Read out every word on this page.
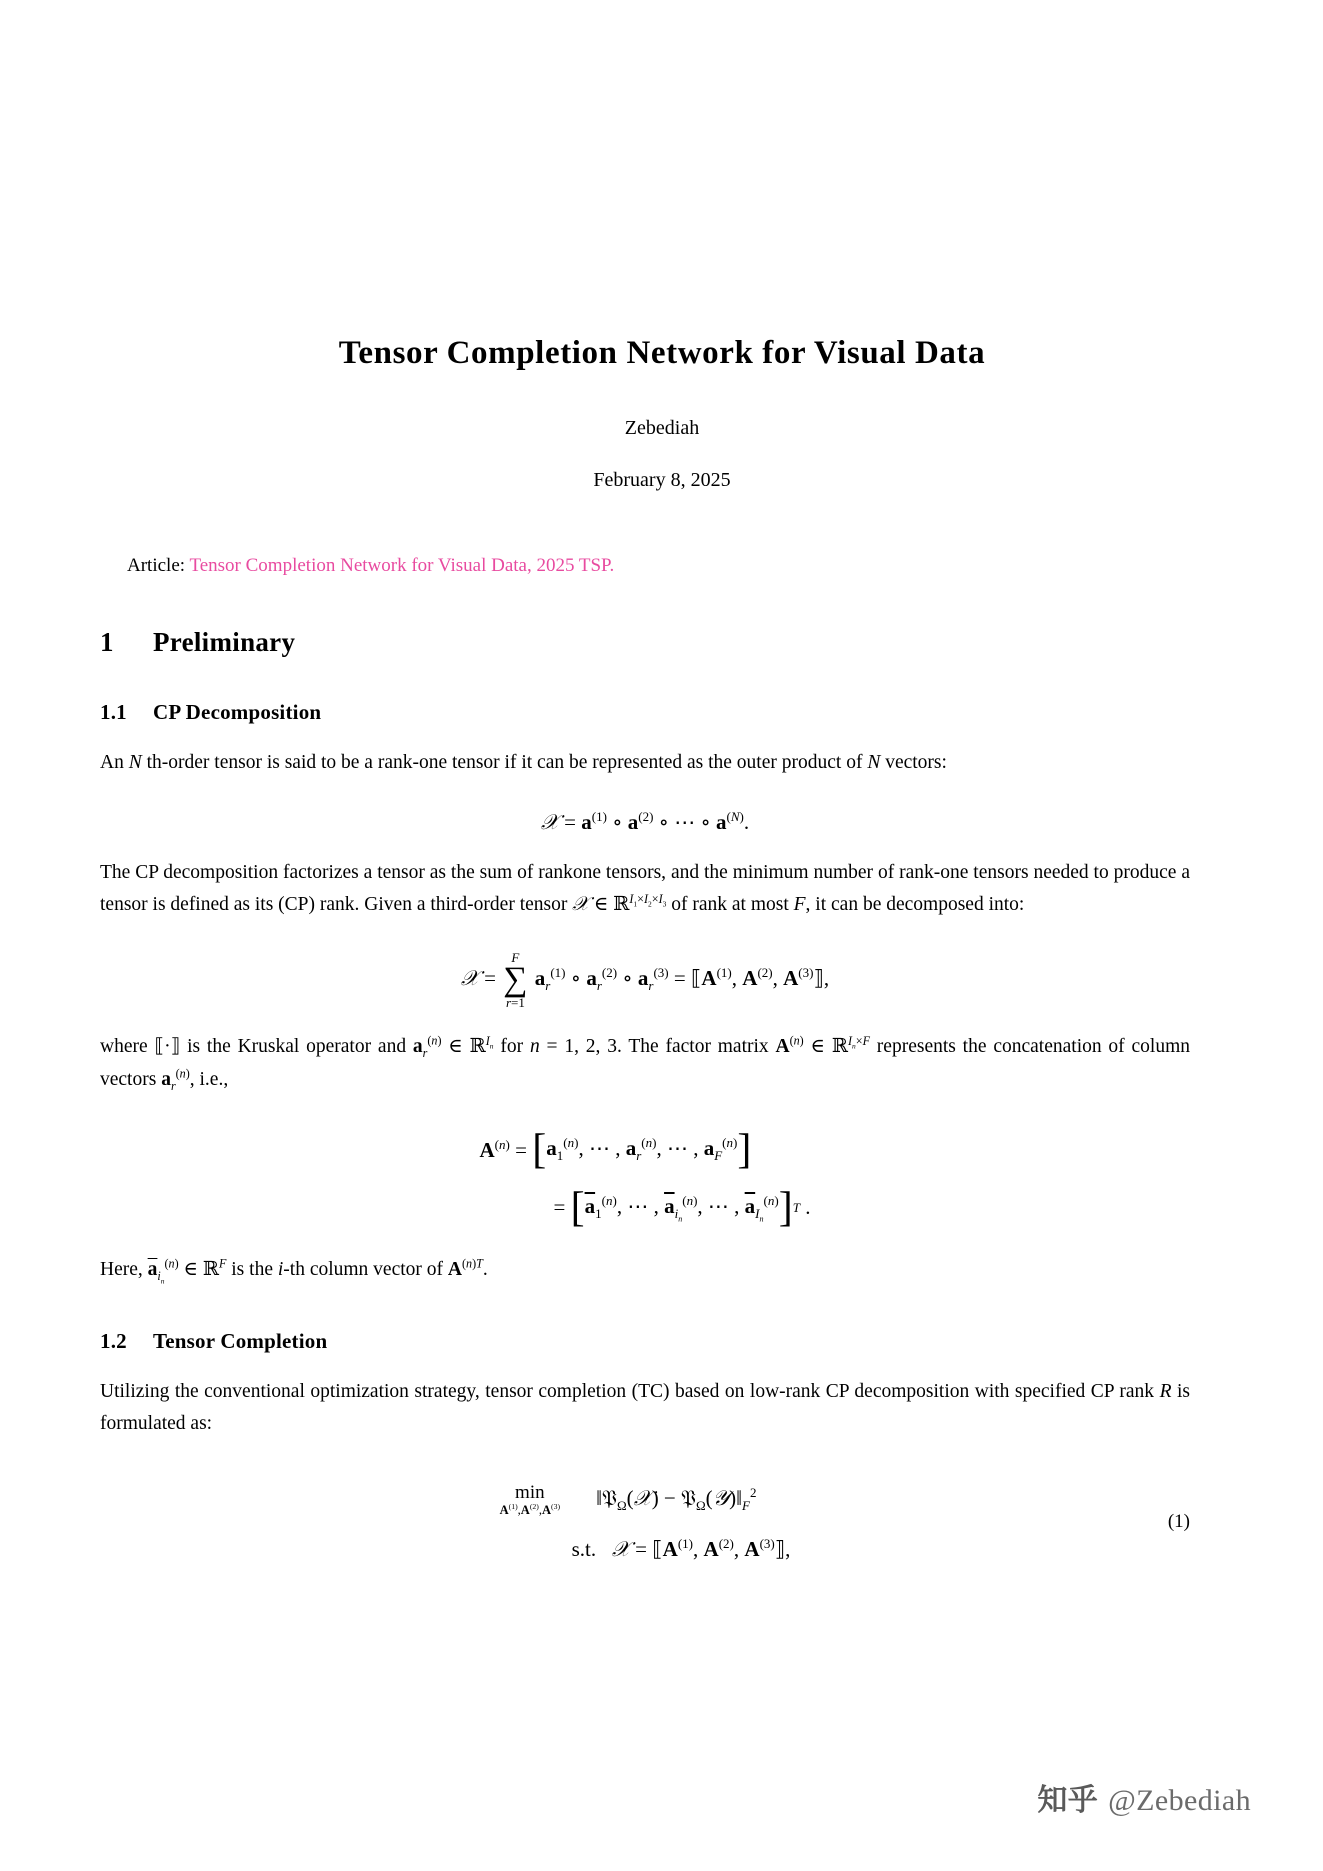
Tensor Completion Network for Visual Data
Zebediah
February 8, 2025
Article: Tensor Completion Network for Visual Data, 2025 TSP.
1 Preliminary
1.1 CP Decomposition

An N th-order tensor is said to be a rank-one tensor if it can be represented as the outer product of N vectors:

𝒳 = $a^{(1)}$ ∘ $a^{(2)}$ ∘ ⋯ ∘ $a^{(N)}$.

The CP decomposition factorizes a tensor as the sum of rankone tensors, and the minimum number of rank-one tensors needed to produce a tensor is defined as its (CP) rank. Given a third-order tensor 𝒳 ∈ ℝ$^{I_1\times I_2\times I_3}$ of rank at most F, it can be decomposed into:

𝒳 =
F
∑
r=1
$a_r^{(1)}$ ∘ $a_r^{(2)}$ ∘ $a_r^{(3)}$ = $⟦A^{(1)}$, $A^{(2)}$, $A^{(3)}⟧$,

where ⟦·⟧ is the Kruskal operator and $a_r^{(n)}$ ∈ ℝ$^{I_n}$ for n = 1, 2, 3. The factor matrix $A^{(n)}$ ∈ ℝ$^{I_n\times F}$ represents the concatenation of column vectors $a_r^{(n)}$, i.e.,

$A^{(n)}$ = [ $a_1^{(n)}$, ⋯ , $a_r^{(n)}$, ⋯ , $a_F^{(n)}$ ]

= [ $\overline{a}_1^{(n)}$, ⋯ , $\overline{a}_{i_n}^{(n)}$, ⋯ , $\overline{a}_{I_n}^{(n)}$ ] T .

Here, $\overline{a}_{i_n}^{(n)}$ ∈ ℝ$^F$ is the i-th column vector of $A^{(n)T}$.

1.2 Tensor Completion

Utilizing the conventional optimization strategy, tensor completion (TC) based on low-rank CP decomposition with specified CP rank R is formulated as:

min
$A^{(1)},A^{(2)},A^{(3)}$
‖𝔓$_\Omega$(𝒳) − $𝔓_\Omega(𝒴)‖_F^2$

s.t.   𝒳 = $⟦A^{(1)}$, $A^{(2)}$, $A^{(3)}⟧$,
(1)
知乎 @Zebediah
